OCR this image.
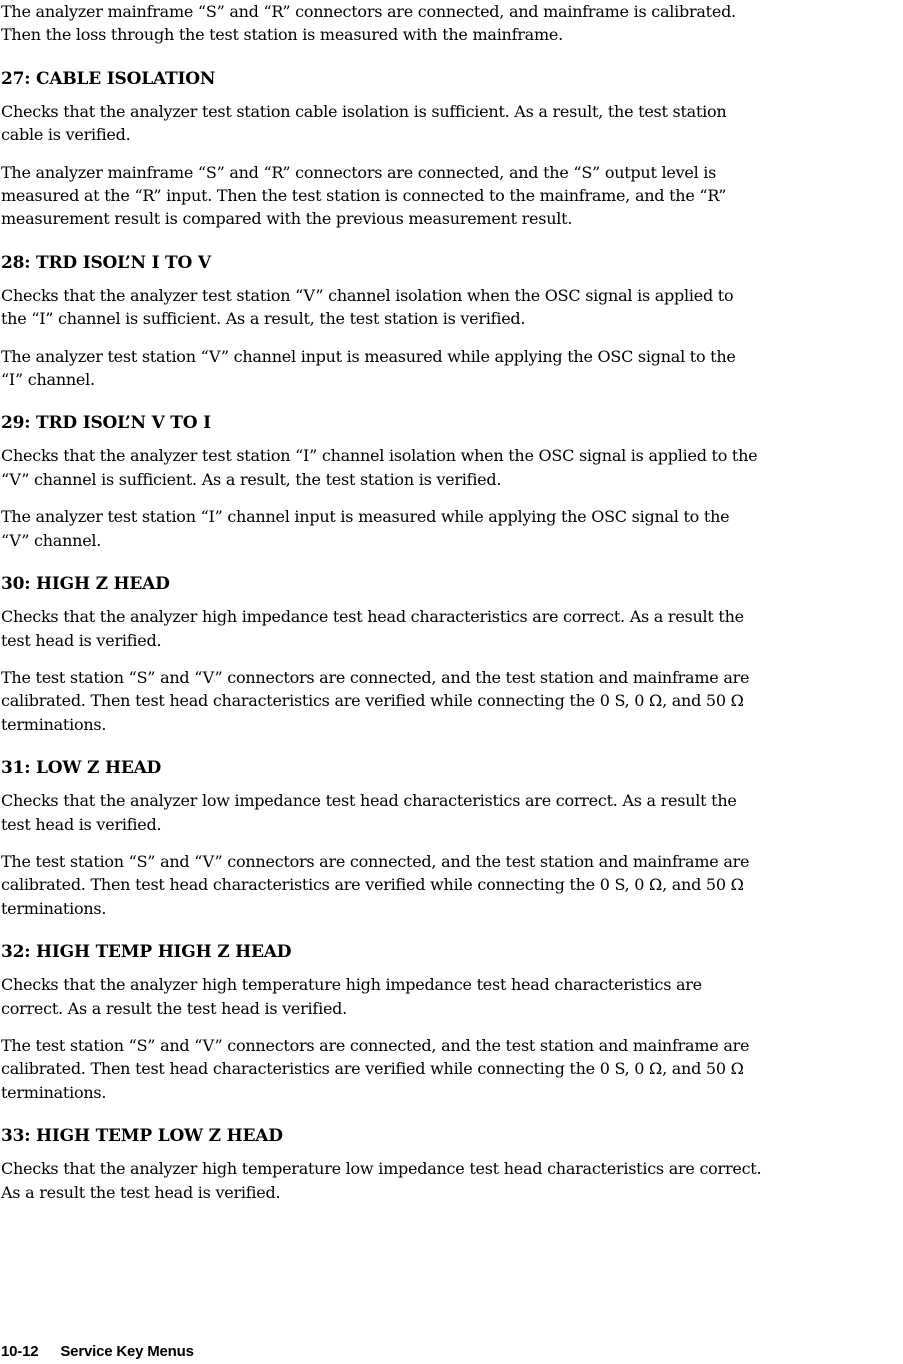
The analyzer mainframe “S” and “R” connectors are connected, and mainframe is calibrated.
Then the loss through the test station is measured with the mainframe.

27: CABLE ISOLATION

Checks that the analyzer test station cable isolation is sufficient. As a result, the test station
cable is verified.

The analyzer mainframe “S” and “R” connectors are connected, and the “S” output level is
measured at the “R” input. Then the test station is connected to the mainframe, and the “R”
measurement result is compared with the previous measurement result.

28: TRD ISOL’N I TO V

Checks that the analyzer test station “V” channel isolation when the OSC signal is applied to
the “I” channel is sufficient. As a result, the test station is verified.

The analyzer test station “V” channel input is measured while applying the OSC signal to the
“I” channel.

29: TRD ISOL’N V TO I

Checks that the analyzer test station “I” channel isolation when the OSC signal is applied to the
“V” channel is sufficient. As a result, the test station is verified.

The analyzer test station “I” channel input is measured while applying the OSC signal to the
“V” channel.

30: HIGH Z HEAD

Checks that the analyzer high impedance test head characteristics are correct. As a result the
test head is verified.

The test station “S” and “V” connectors are connected, and the test station and mainframe are
calibrated. Then test head characteristics are verified while connecting the 0 S, 0 Ω, and 50 Ω
terminations.

31: LOW Z HEAD

Checks that the analyzer low impedance test head characteristics are correct. As a result the
test head is verified.

The test station “S” and “V” connectors are connected, and the test station and mainframe are
calibrated. Then test head characteristics are verified while connecting the 0 S, 0 Ω, and 50 Ω
terminations.

32: HIGH TEMP HIGH Z HEAD

Checks that the analyzer high temperature high impedance test head characteristics are
correct. As a result the test head is verified.

The test station “S” and “V” connectors are connected, and the test station and mainframe are
calibrated. Then test head characteristics are verified while connecting the 0 S, 0 Ω, and 50 Ω
terminations.

33: HIGH TEMP LOW Z HEAD

Checks that the analyzer high temperature low impedance test head characteristics are correct.
As a result the test head is verified.

10-12 Service Key Menus
